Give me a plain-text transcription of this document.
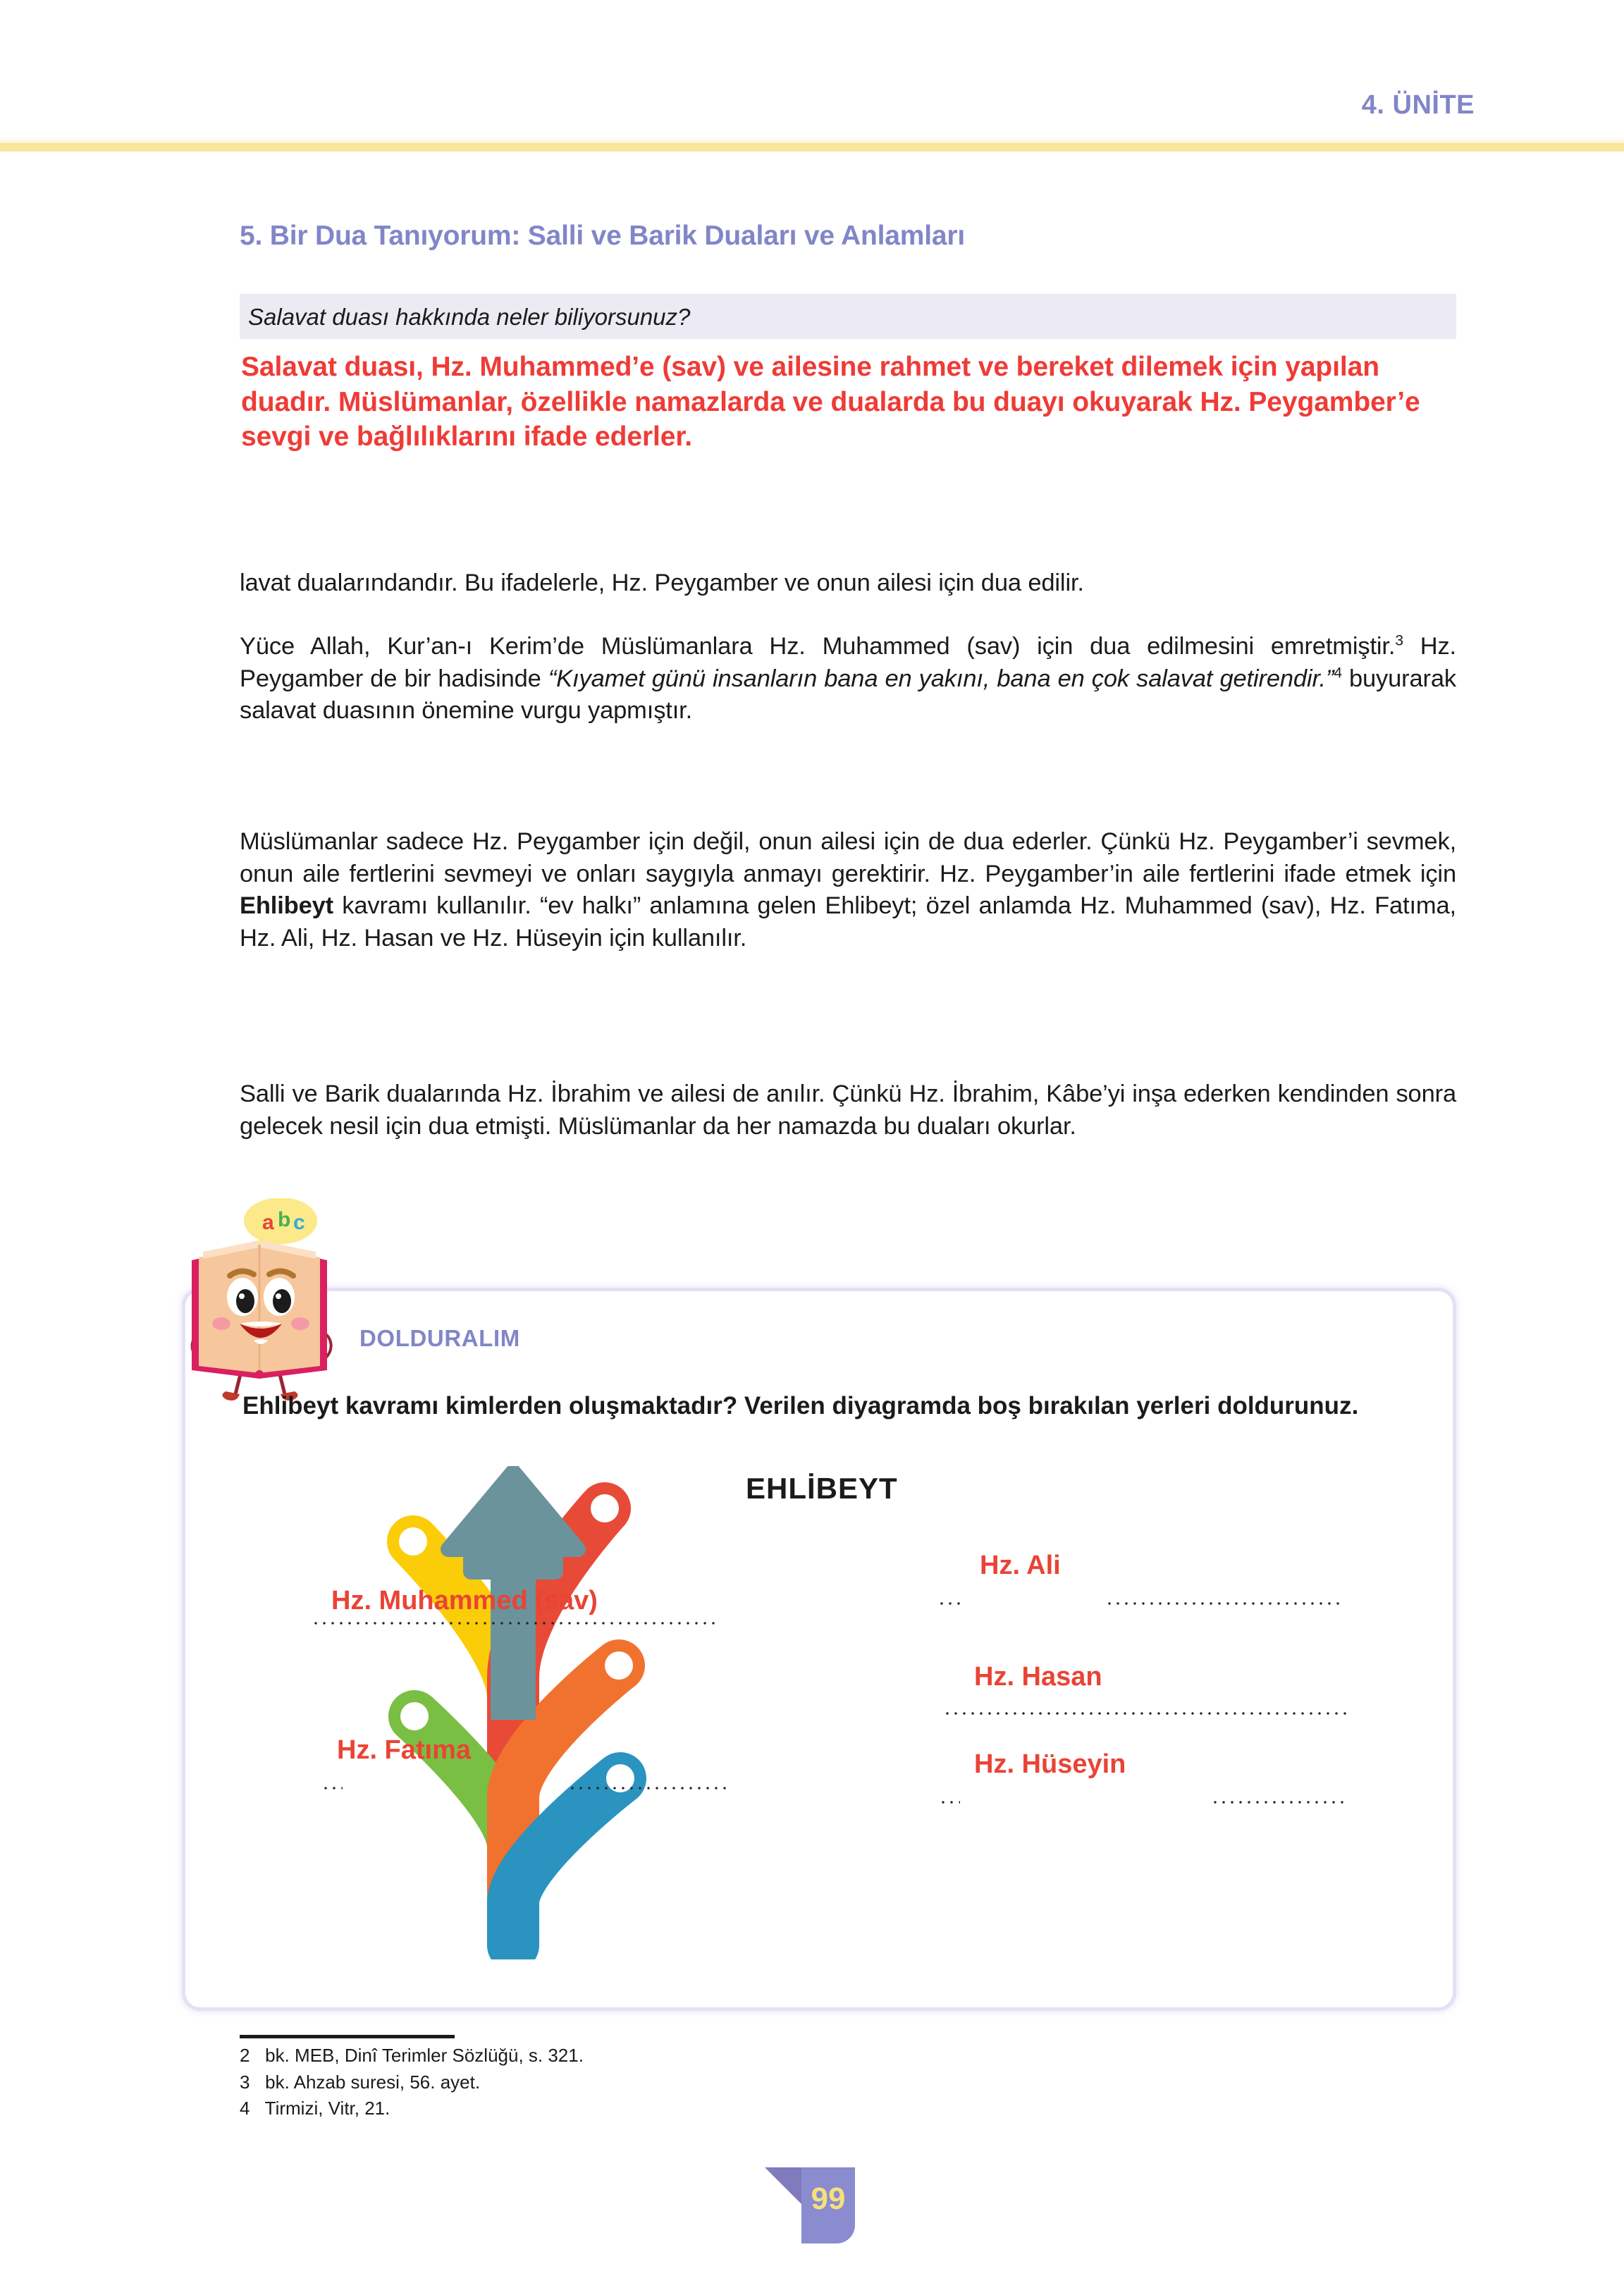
4. ÜNİTE
5. Bir Dua Tanıyorum: Salli ve Barik Duaları ve Anlamları
Salavat duası hakkında neler biliyorsunuz?
Salavat duası, Hz. Muhammed’e (sav) ve ailesine rahmet ve bereket dilemek için yapılan duadır. Müslümanlar, özellikle namazlarda ve dualarda bu duayı okuyarak Hz. Peygamber’e sevgi ve bağlılıklarını ifade ederler.
lavat dualarındandır. Bu ifadelerle, Hz. Peygamber ve onun ailesi için dua edilir.
Yüce Allah, Kur’an-ı Kerim’de Müslümanlara Hz. Muhammed (sav) için dua edilmesini emretmiştir.$^3$ Hz. Peygamber de bir hadisinde “Kıyamet günü insanların bana en yakını, bana en çok salavat getirendir.”$^4$ buyurarak salavat duasının önemine vurgu yapmıştır.
Müslümanlar sadece Hz. Peygamber için değil, onun ailesi için de dua ederler. Çünkü Hz. Peygamber’i sevmek, onun aile fertlerini sevmeyi ve onları saygıyla anmayı gerektirir. Hz. Peygamber’in aile fertlerini ifade etmek için Ehlibeyt kavramı kullanılır. “ev halkı” anlamına gelen Ehlibeyt; özel anlamda Hz. Muhammed (sav), Hz. Fatıma, Hz. Ali, Hz. Hasan ve Hz. Hüseyin için kullanılır.
Salli ve Barik dualarında Hz. İbrahim ve ailesi de anılır. Çünkü Hz. İbrahim, Kâbe’yi inşa ederken kendinden sonra gelecek nesil için dua etmişti. Müslümanlar da her namazda bu duaları okurlar.
a b c
DOLDURALIM
Ehlibeyt kavramı kimlerden oluşmaktadır? Verilen diyagramda boş bırakılan yerleri doldurunuz.
EHLİBEYT
Hz. Muhammed (sav)
Hz. Ali
Hz. Hasan
Hz. Fatıma	Hz. Hüseyin
2   bk. MEB, Dinî Terimler Sözlüğü, s. 321.
3   bk. Ahzab suresi, 56. ayet.
4   Tirmizi, Vitr, 21.
99
